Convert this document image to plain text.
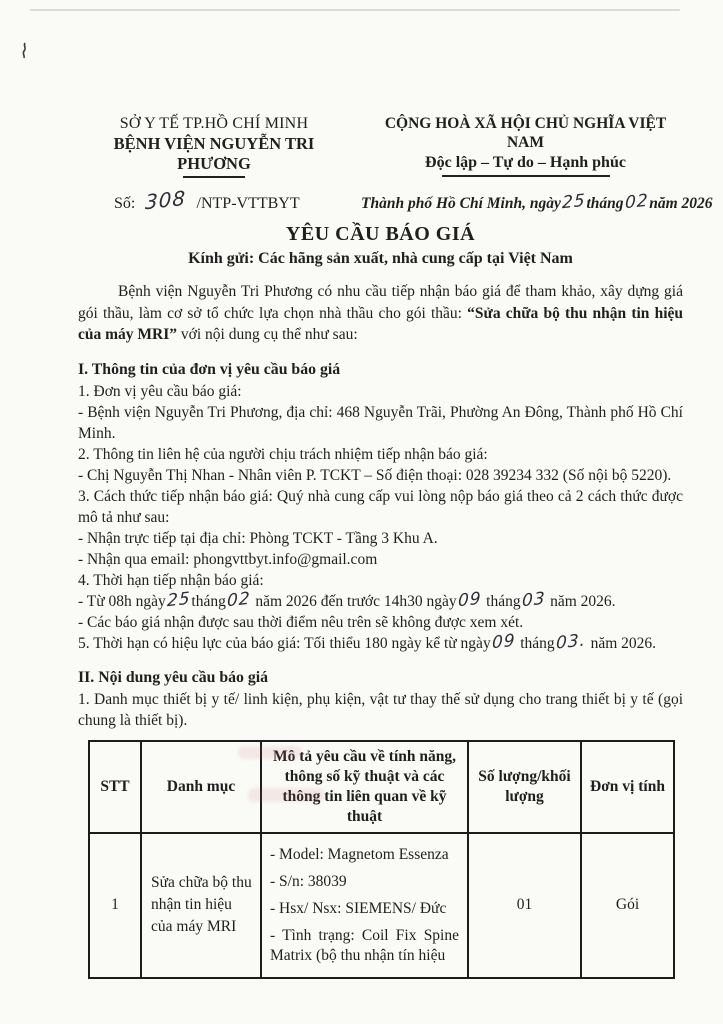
SỞ Y TẾ TP.HỒ CHÍ MINH
BỆNH VIỆN NGUYỄN TRI PHƯƠNG
CỘNG HOÀ XÃ HỘI CHỦ NGHĨA VIỆT NAM
Độc lập – Tự do – Hạnh phúc
Số: 308 /NTP-VTTBYT	Thành phố Hồ Chí Minh, ngày25tháng02năm 2026
YÊU CẦU BÁO GIÁ
Kính gửi: Các hãng sản xuất, nhà cung cấp tại Việt Nam

Bệnh viện Nguyễn Tri Phương có nhu cầu tiếp nhận báo giá để tham khảo, xây dựng giá gói thầu, làm cơ sở tổ chức lựa chọn nhà thầu cho gói thầu: “Sửa chữa bộ thu nhận tin hiệu của máy MRI” với nội dung cụ thể như sau:

I. Thông tin của đơn vị yêu cầu báo giá
1. Đơn vị yêu cầu báo giá:
- Bệnh viện Nguyễn Tri Phương, địa chỉ: 468 Nguyễn Trãi, Phường An Đông, Thành phố Hồ Chí Minh.
2. Thông tin liên hệ của người chịu trách nhiệm tiếp nhận báo giá:
- Chị Nguyễn Thị Nhan - Nhân viên P. TCKT – Số điện thoại: 028 39234 332 (Số nội bộ 5220).
3. Cách thức tiếp nhận báo giá: Quý nhà cung cấp vui lòng nộp báo giá theo cả 2 cách thức được mô tả như sau:
- Nhận trực tiếp tại địa chỉ: Phòng TCKT - Tầng 3 Khu A.
- Nhận qua email: phongvttbyt.info@gmail.com
4. Thời hạn tiếp nhận báo giá:
- Từ 08h ngày25tháng02 năm 2026 đến trước 14h30 ngày09 tháng03 năm 2026.
- Các báo giá nhận được sau thời điểm nêu trên sẽ không được xem xét.
5. Thời hạn có hiệu lực của báo giá: Tối thiểu 180 ngày kể từ ngày09 tháng03. năm 2026.
II. Nội dung yêu cầu báo giá
1. Danh mục thiết bị y tế/ linh kiện, phụ kiện, vật tư thay thế sử dụng cho trang thiết bị y tế (gọi chung là thiết bị).
STT	Danh mục	Mô tả yêu cầu về tính năng, thông số kỹ thuật và các thông tin liên quan về kỹ thuật	Số lượng/khối lượng	Đơn vị tính
1	Sửa chữa bộ thu nhận tin hiệu của máy MRI	- Model: Magnetom Essenza
- S/n: 38039
- Hsx/ Nsx: SIEMENS/ Đức
- Tình trạng: Coil Fix Spine Matrix (bộ thu nhận tín hiệu	01	Gói
